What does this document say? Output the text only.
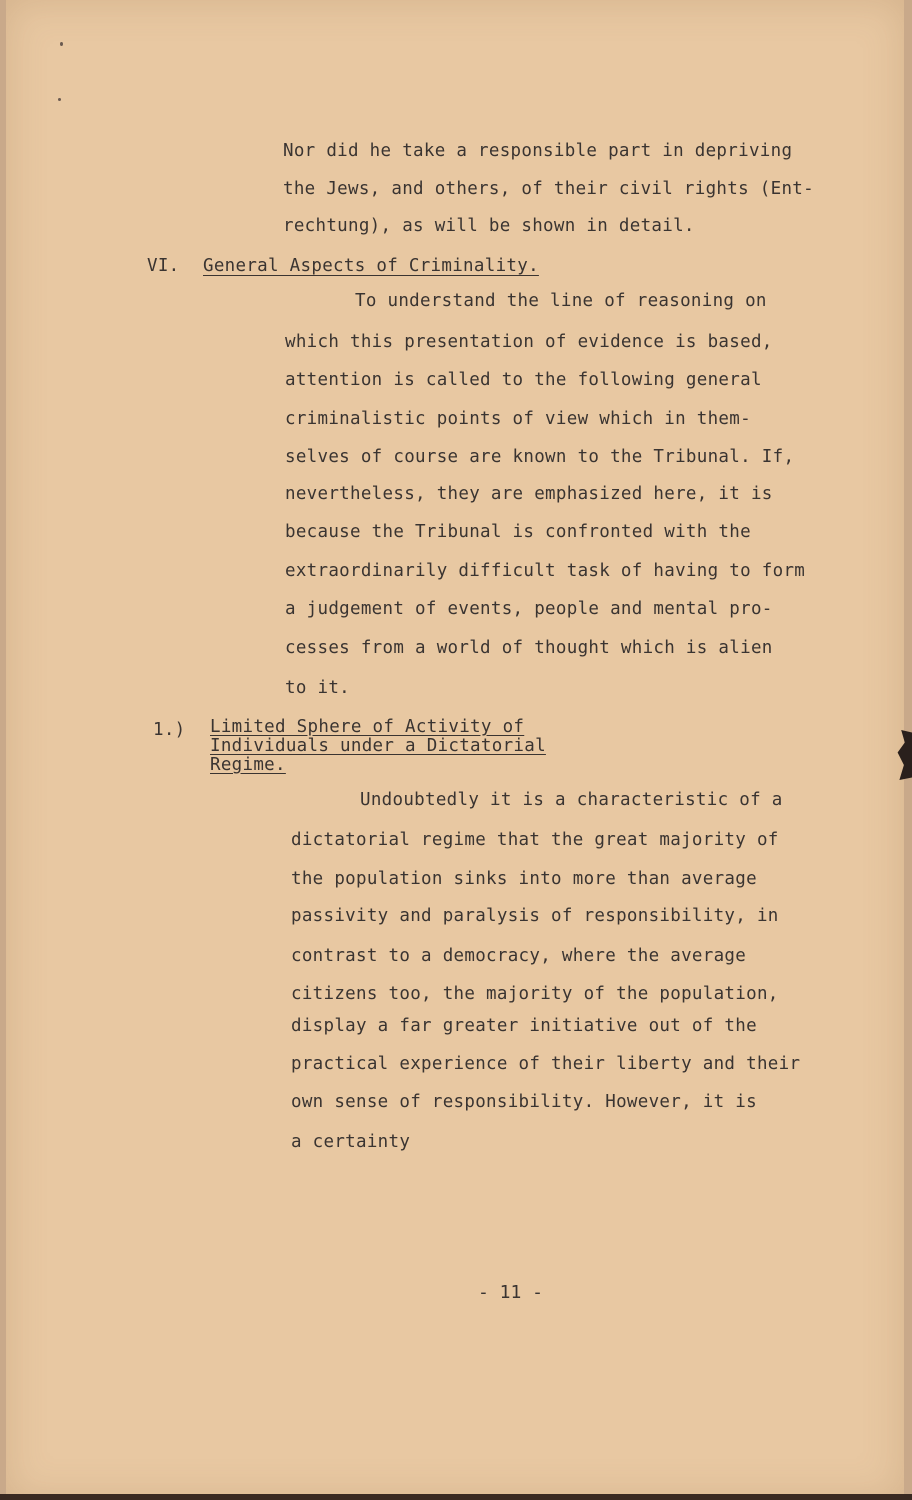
Nor did he take a responsible part in depriving
the Jews, and others, of their civil rights (Ent-
rechtung), as will be shown in detail.
VI. General Aspects of Criminality.
To understand the line of reasoning on
which this presentation of evidence is based,
attention is called to the following general
criminalistic points of view which in them-
selves of course are known to the Tribunal. If,
nevertheless, they are emphasized here, it is
because the Tribunal is confronted with the
extraordinarily difficult task of having to form
a judgement of events, people and mental pro-
cesses from a world of thought which is alien
to it.
1.) Limited Sphere of Activity of
Individuals under a Dictatorial
Regime.
Undoubtedly it is a characteristic of a
dictatorial regime that the great majority of
the population sinks into more than average
passivity and paralysis of responsibility, in
contrast to a democracy, where the average
citizens too, the majority of the population,
display a far greater initiative out of the
practical experience of their liberty and their
own sense of responsibility. However, it is
a certainty
- 11 -
